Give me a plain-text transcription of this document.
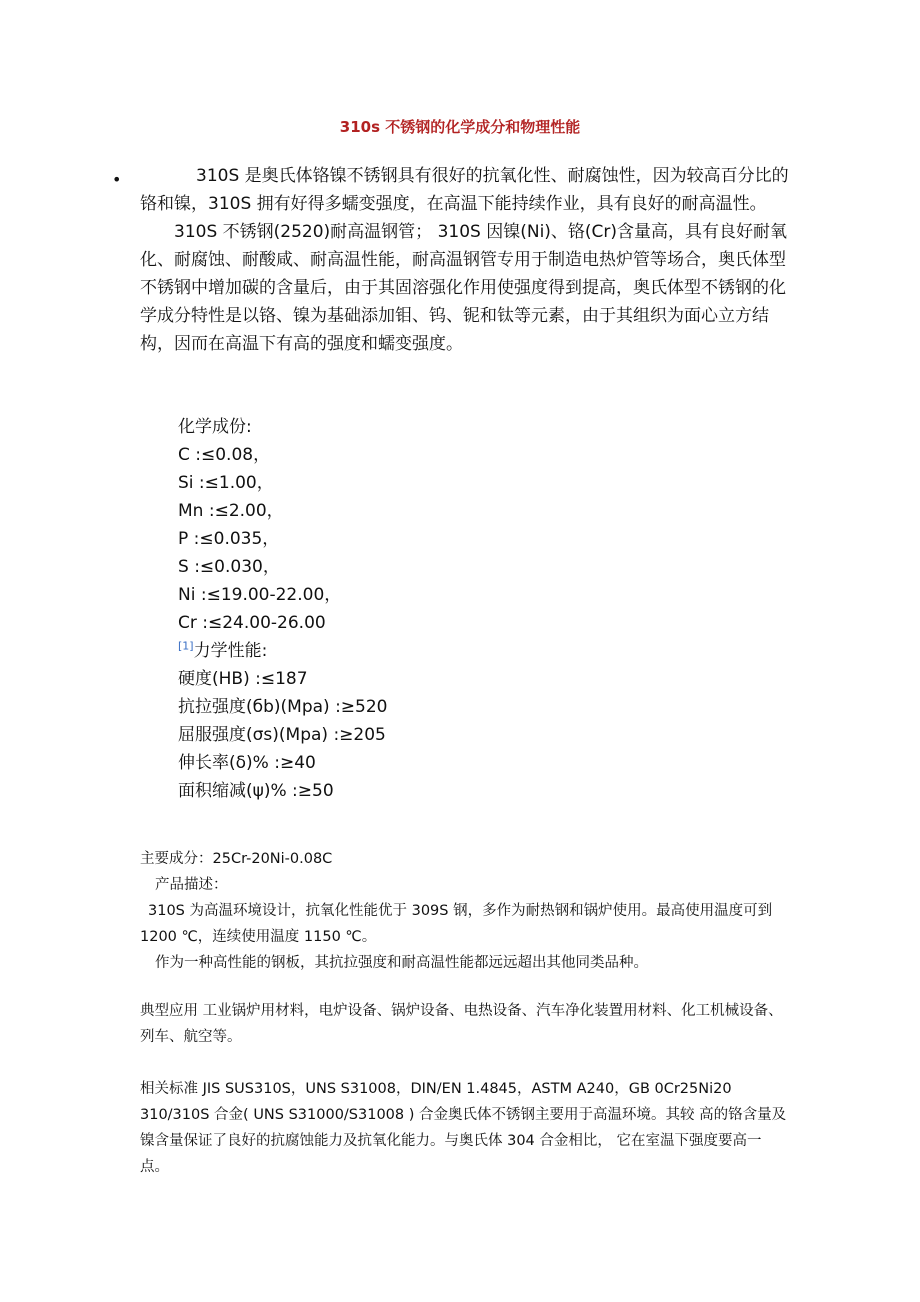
310s 不锈钢的化学成分和物理性能
•	310S 是奥氏体铬镍不锈钢具有很好的抗氧化性、耐腐蚀性，因为较高百分比的铬和镍，310S 拥有好得多蠕变强度，在高温下能持续作业，具有良好的耐高温性。

310S 不锈钢(2520)耐高温钢管； 310S 因镍(Ni)、铬(Cr)含量高，具有良好耐氧化、耐腐蚀、耐酸咸、耐高温性能，耐高温钢管专用于制造电热炉管等场合，奥氏体型不锈钢中增加碳的含量后，由于其固溶强化作用使强度得到提高，奥氏体型不锈钢的化学成分特性是以铬、镍为基础添加钼、钨、铌和钛等元素，由于其组织为面心立方结构，因而在高温下有高的强度和蠕变强度。

化学成份:
C :≤0.08，
Si :≤1.00，
Mn :≤2.00，
P :≤0.035，
S :≤0.030，
Ni :≤19.00-22.00，
Cr :≤24.00-26.00
[1]力学性能:
硬度(HB) :≤187
抗拉强度(бb)(Mpa) :≥520
屈服强度(σs)(Mpa) :≥205
伸长率(δ)% :≥40
面积缩减(ψ)% :≥50

主要成分：25Cr-20Ni-0.08C

产品描述：

310S 为高温环境设计，抗氧化性能优于 309S 钢，多作为耐热钢和锅炉使用。最高使用温度可到 1200 ℃，连续使用温度 1150 ℃。

作为一种高性能的钢板，其抗拉强度和耐高温性能都远远超出其他同类品种。

典型应用 工业锅炉用材料，电炉设备、锅炉设备、电热设备、汽车净化装置用材料、化工机械设备、列车、航空等。

相关标准 JIS SUS310S，UNS S31008，DIN/EN 1.4845，ASTM A240，GB 0Cr25Ni20

310/310S 合金( UNS S31000/S31008 ) 合金奥氏体不锈钢主要用于高温环境。其较 高的铬含量及镍含量保证了良好的抗腐蚀能力及抗氧化能力。与奥氏体 304 合金相比， 它在室温下强度要高一点。
